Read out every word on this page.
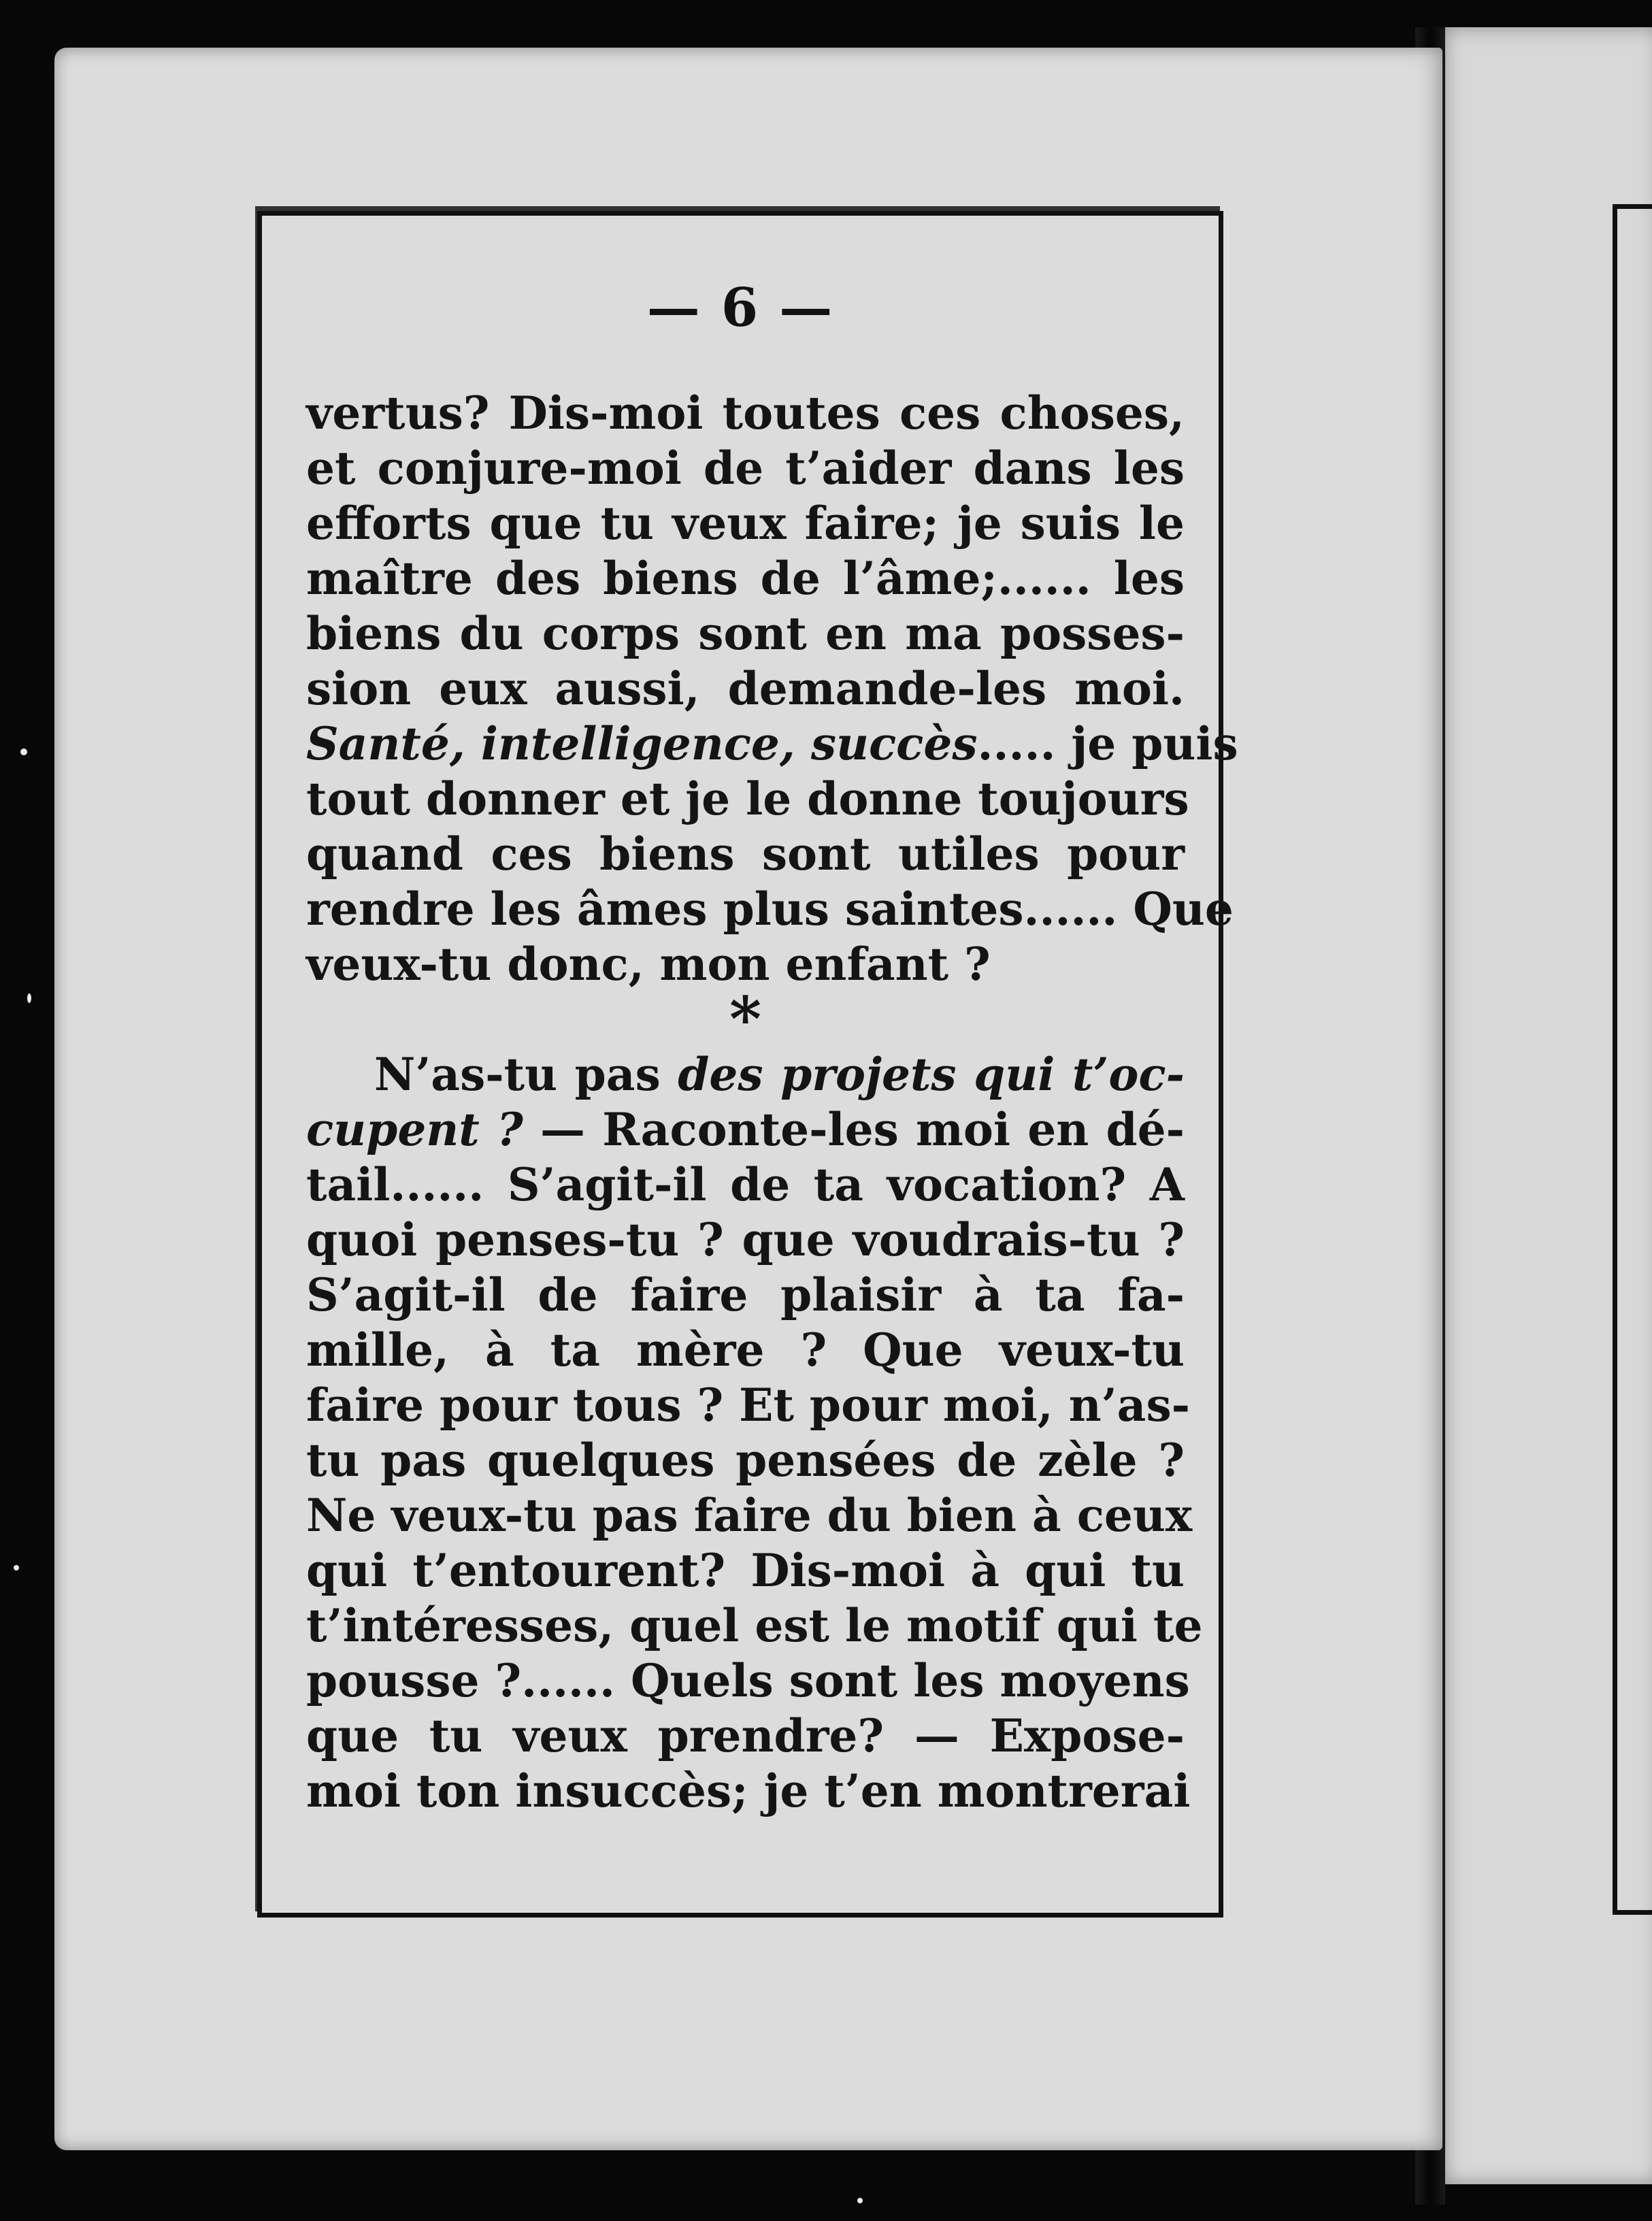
— 6 —
vertus? Dis-moi toutes ces choses,
et conjure-moi de t’aider dans les
efforts que tu veux faire; je suis le
maître des biens de l’âme;...... les
biens du corps sont en ma posses-
sion eux aussi, demande-les moi.
Santé, intelligence, succès..... je puis
tout donner et je le donne toujours
quand ces biens sont utiles pour
rendre les âmes plus saintes...... Que
veux-tu donc, mon enfant ?
*
N’as-tu pas des projets qui t’oc-
cupent ? — Raconte-les moi en dé-
tail...... S’agit-il de ta vocation? A
quoi penses-tu ? que voudrais-tu ?
S’agit-il de faire plaisir à ta fa-
mille, à ta mère ? Que veux-tu
faire pour tous ? Et pour moi, n’as-
tu pas quelques pensées de zèle ?
Ne veux-tu pas faire du bien à ceux
qui t’entourent? Dis-moi à qui tu
t’intéresses, quel est le motif qui te
pousse ?...... Quels sont les moyens
que tu veux prendre? — Expose-
moi ton insuccès; je t’en montrerai
